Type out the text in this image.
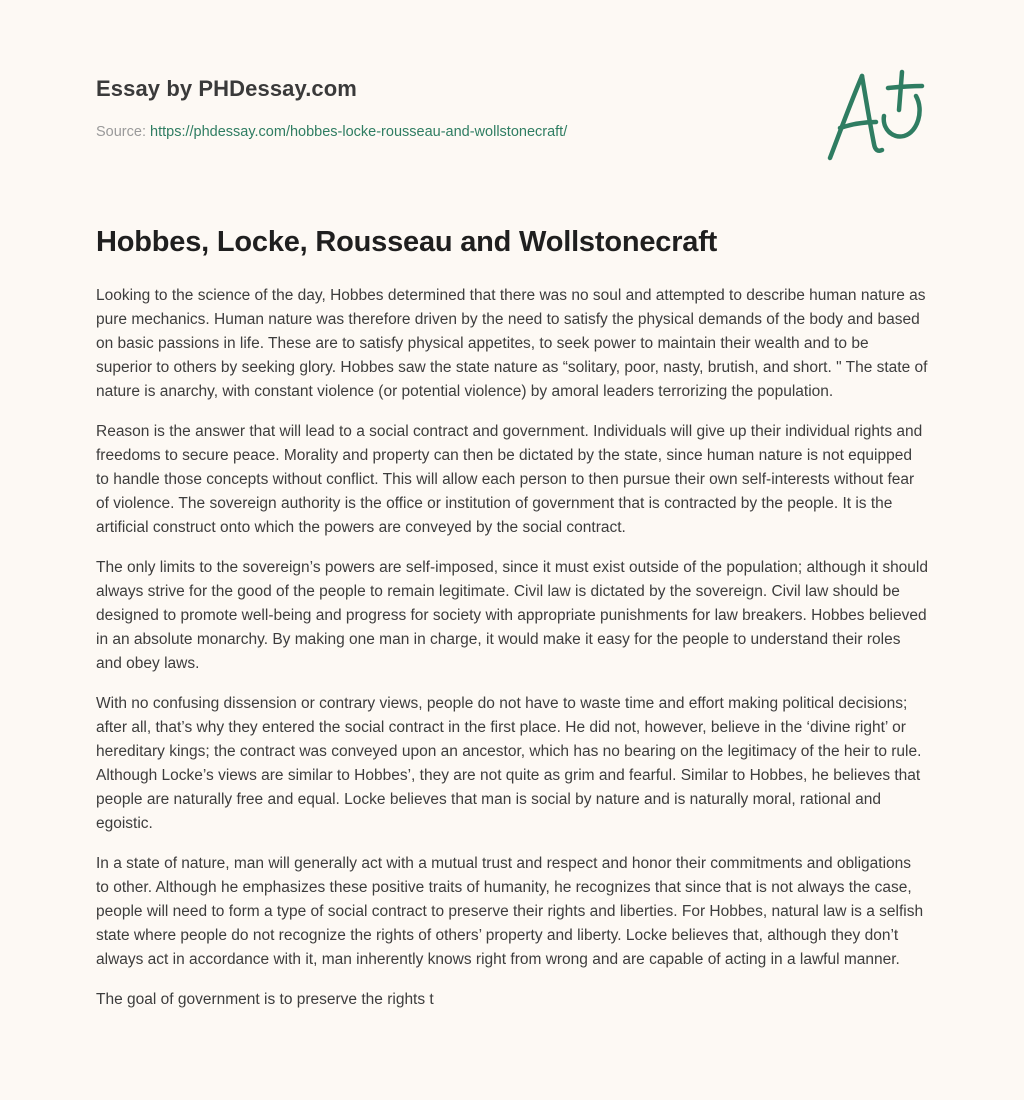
Essay by PHDessay.com
Source: https://phdessay.com/hobbes-locke-rousseau-and-wollstonecraft/
Hobbes, Locke, Rousseau and Wollstonecraft

Looking to the science of the day, Hobbes determined that there was no soul and attempted to describe human nature as pure mechanics. Human nature was therefore driven by the need to satisfy the physical demands of the body and based on basic passions in life. These are to satisfy physical appetites, to seek power to maintain their wealth and to be superior to others by seeking glory. Hobbes saw the state nature as “solitary, poor, nasty, brutish, and short. " The state of nature is anarchy, with constant violence (or potential violence) by amoral leaders terrorizing the population.

Reason is the answer that will lead to a social contract and government. Individuals will give up their individual rights and freedoms to secure peace. Morality and property can then be dictated by the state, since human nature is not equipped to handle those concepts without conflict. This will allow each person to then pursue their own self-interests without fear of violence. The sovereign authority is the office or institution of government that is contracted by the people. It is the artificial construct onto which the powers are conveyed by the social contract.

The only limits to the sovereign’s powers are self-imposed, since it must exist outside of the population; although it should always strive for the good of the people to remain legitimate. Civil law is dictated by the sovereign. Civil law should be designed to promote well-being and progress for society with appropriate punishments for law breakers. Hobbes believed in an absolute monarchy. By making one man in charge, it would make it easy for the people to understand their roles and obey laws.

With no confusing dissension or contrary views, people do not have to waste time and effort making political decisions; after all, that’s why they entered the social contract in the first place. He did not, however, believe in the ‘divine right’ or hereditary kings; the contract was conveyed upon an ancestor, which has no bearing on the legitimacy of the heir to rule. Although Locke’s views are similar to Hobbes’, they are not quite as grim and fearful. Similar to Hobbes, he believes that people are naturally free and equal. Locke believes that man is social by nature and is naturally moral, rational and egoistic.

In a state of nature, man will generally act with a mutual trust and respect and honor their commitments and obligations to other. Although he emphasizes these positive traits of humanity, he recognizes that since that is not always the case, people will need to form a type of social contract to preserve their rights and liberties. For Hobbes, natural law is a selfish state where people do not recognize the rights of others’ property and liberty. Locke believes that, although they don’t always act in accordance with it, man inherently knows right from wrong and are capable of acting in a lawful manner.

The goal of government is to preserve the rights t
